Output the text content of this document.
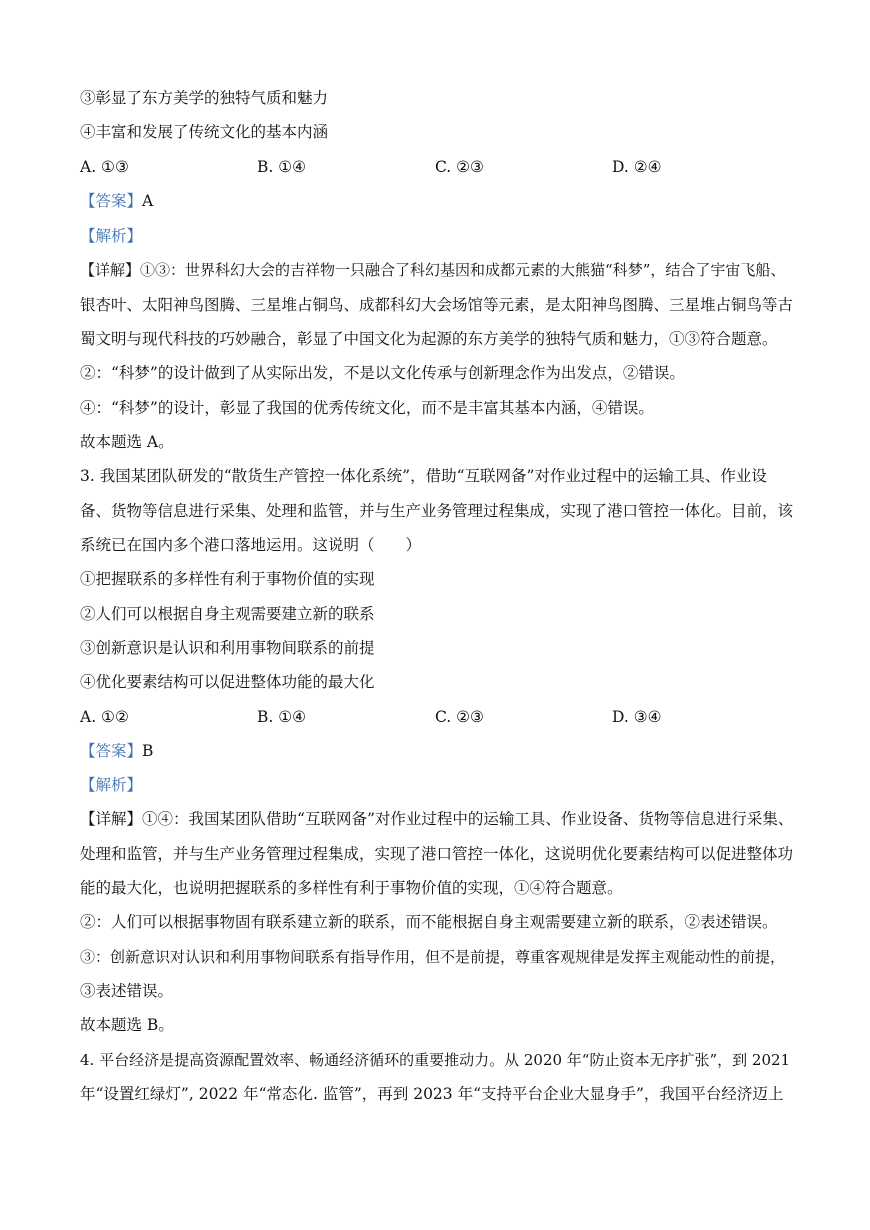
③彰显了东方美学的独特气质和魅力
④丰富和发展了传统文化的基本内涵
A. ①③	B. ①④	C. ②③	D. ②④
【答案】A
【解析】
【详解】①③：世界科幻大会的吉祥物一只融合了科幻基因和成都元素的大熊猫“科梦”，结合了宇宙飞船、
银杏叶、太阳神鸟图腾、三星堆占铜鸟、成都科幻大会场馆等元素，是太阳神鸟图腾、三星堆占铜鸟等古
蜀文明与现代科技的巧妙融合，彰显了中国文化为起源的东方美学的独特气质和魅力，①③符合题意。
②：“科梦”的设计做到了从实际出发，不是以文化传承与创新理念作为出发点，②错误。
④：“科梦”的设计，彰显了我国的优秀传统文化，而不是丰富其基本内涵，④错误。
故本题选 A。
3. 我国某团队研发的“散货生产管控一体化系统”，借助“互联网备”对作业过程中的运输工具、作业设
备、货物等信息进行采集、处理和监管，并与生产业务管理过程集成，实现了港口管控一体化。目前，该
系统已在国内多个港口落地运用。这说明（　　）
①把握联系的多样性有利于事物价值的实现
②人们可以根据自身主观需要建立新的联系
③创新意识是认识和利用事物间联系的前提
④优化要素结构可以促进整体功能的最大化
A. ①②	B. ①④	C. ②③	D. ③④
【答案】B
【解析】
【详解】①④：我国某团队借助“互联网备”对作业过程中的运输工具、作业设备、货物等信息进行采集、
处理和监管，并与生产业务管理过程集成，实现了港口管控一体化，这说明优化要素结构可以促进整体功
能的最大化，也说明把握联系的多样性有利于事物价值的实现，①④符合题意。
②：人们可以根据事物固有联系建立新的联系，而不能根据自身主观需要建立新的联系，②表述错误。
③：创新意识对认识和利用事物间联系有指导作用，但不是前提，尊重客观规律是发挥主观能动性的前提，
③表述错误。
故本题选 B。
4. 平台经济是提高资源配置效率、畅通经济循环的重要推动力。从 2020 年“防止资本无序扩张”，到 2021
年“设置红绿灯”, 2022 年“常态化. 监管”，再到 2023 年“支持平台企业大显身手”，我国平台经济迈上
